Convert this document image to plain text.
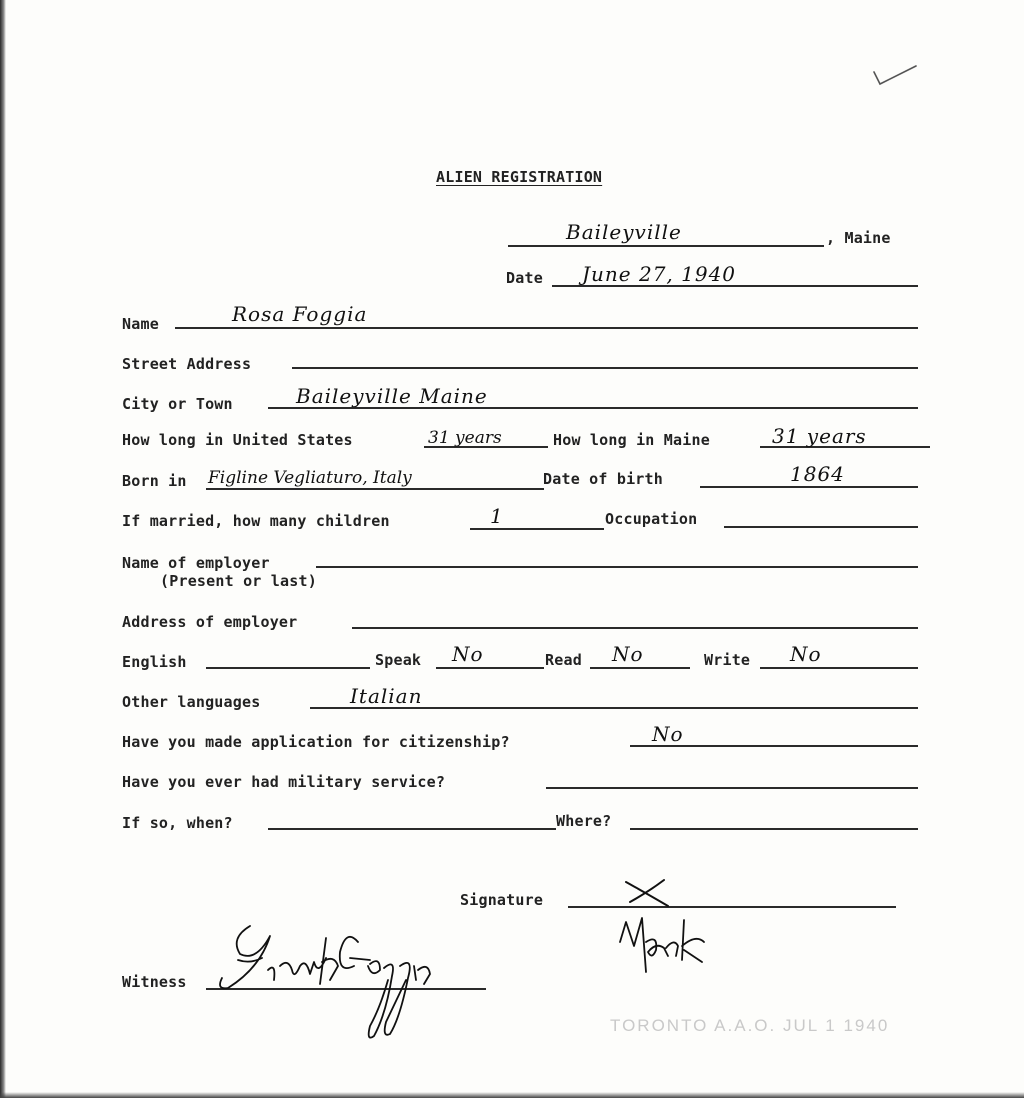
ALIEN REGISTRATION
Baileyville	, Maine
Date June 27, 1940
Name	Rosa Foggia
Street Address
City or Town	Baileyville Maine
How long in United States	31 years	How long in Maine	31 years
Born in Figline Vegliaturo, Italy	Date of birth	1864
If married, how many children	1	Occupation
Name of employer
(Present or last)
Address of employer
English	Speak No	Read No	Write No
Other languages	Italian
Have you made application for citizenship?	No
Have you ever had military service?
If so, when?	Where?
Signature
Witness
TORONTO A.A.O. JUL 1 1940
